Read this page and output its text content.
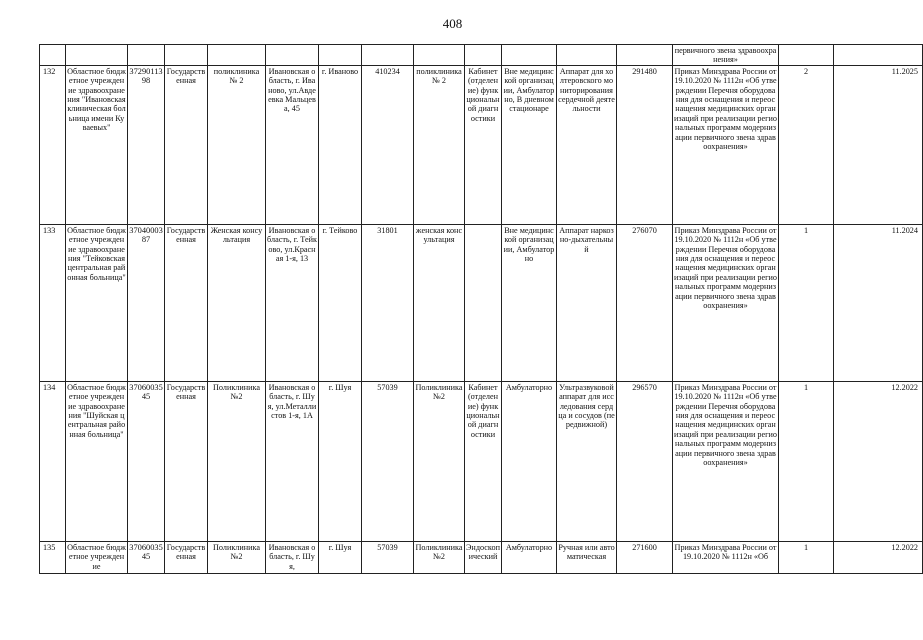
408
													первичного звена здравоохранения»		
132	Областное бюджетное учреждение здравоохранения "Ивановская клиническая больница имени Куваевых"	3729011398	Государственная	поликлиника № 2	Ивановская область, г. Иваново, ул.Авдеевка Мальцева, 45	г. Иваново	410234	поликлиника № 2	Кабинет (отделение) функциональной диагностики	Вне медицинской организации, Амбулаторно, В дневном стационаре	Аппарат для холтеровского мониторирования сердечной деятельности	291480	Приказ Минздрава России от 19.10.2020 № 1112н «Об утверждении Перечня оборудования для оснащения и переоснащения медицинских организаций при реализации региональных программ модернизации первичного звена здравоохранения»	2	11.2025
133	Областное бюджетное учреждение здравоохранения "Тейковская центральная районная больница"	3704000387	Государственная	Женская консультация	Ивановская область, г. Тейково, ул.Красная 1-я, 13	г. Тейково	31801	женская консультация		Вне медицинской организации, Амбулаторно	Аппарат наркозно-дыхательный	276070	Приказ Минздрава России от 19.10.2020 № 1112н «Об утверждении Перечня оборудования для оснащения и переоснащения медицинских организаций при реализации региональных программ модернизации первичного звена здравоохранения»	1	11.2024
134	Областное бюджетное учреждение здравоохранения "Шуйская центральная районная больница"	3706003545	Государственная	Поликлиника №2	Ивановская область, г. Шуя, ул.Металлистов 1-я, 1А	г. Шуя	57039	Поликлиника №2	Кабинет (отделение) функциональной диагностики	Амбулаторно	Ультразвуковой аппарат для исследования сердца и сосудов (передвижной)	296570	Приказ Минздрава России от 19.10.2020 № 1112н «Об утверждении Перечня оборудования для оснащения и переоснащения медицинских организаций при реализации региональных программ модернизации первичного звена здравоохранения»	1	12.2022
135	Областное бюджетное учреждение	3706003545	Государственная	Поликлиника №2	Ивановская область, г. Шуя,	г. Шуя	57039	Поликлиника №2	Эндоскопический	Амбулаторно	Ручная или автоматическая	271600	Приказ Минздрава России от 19.10.2020 № 1112н «Об	1	12.2022
